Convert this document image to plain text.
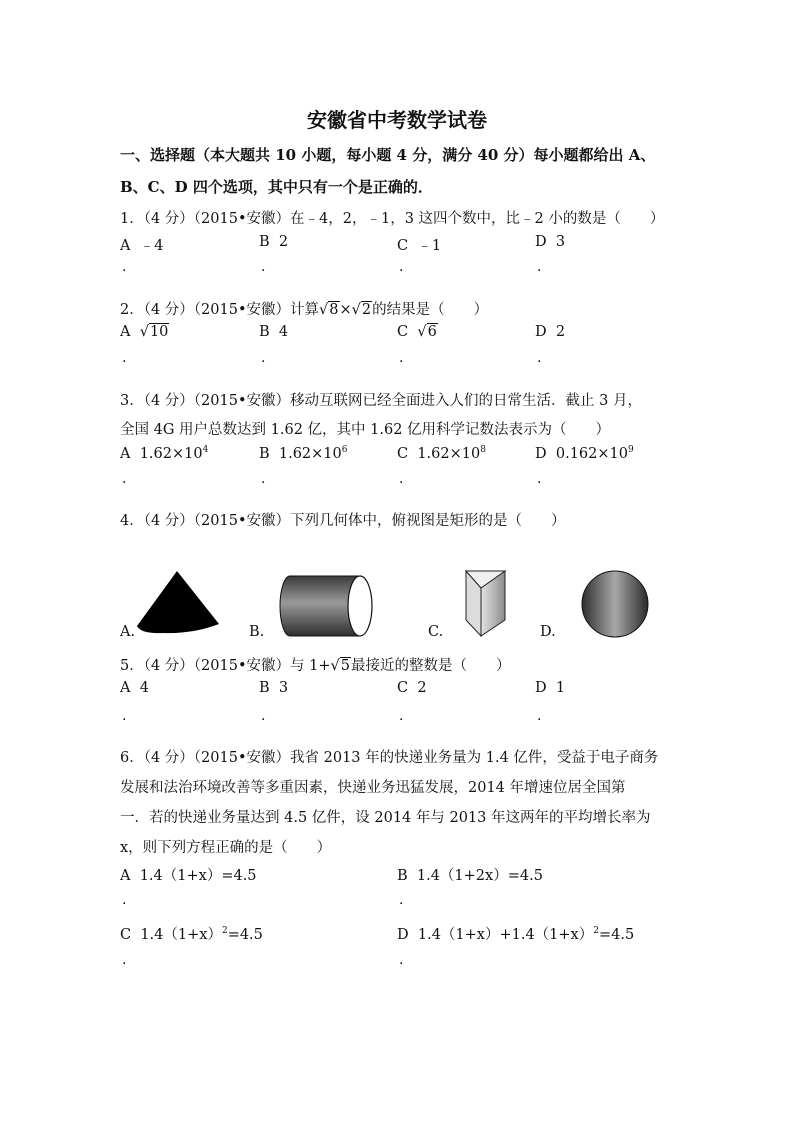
安徽省中考数学试卷
一、选择题（本大题共 10 小题，每小题 4 分，满分 40 分）每小题都给出 A、
B、C、D 四个选项，其中只有一个是正确的．
1．（4 分）（2015•安徽）在﹣4，2，﹣1，3 这四个数中，比﹣2 小的数是（　　）
A ﹣4	B 2	C ﹣1	D 3
.	.	.	.
2．（4 分）（2015•安徽）计算√8×√2的结果是（　　）
A √10	B 4	C √6	D 2
.	.	.	.
3．（4 分）（2015•安徽）移动互联网已经全面进入人们的日常生活．截止 3 月，
全国 4G 用户总数达到 1.62 亿，其中 1.62 亿用科学记数法表示为（　　）
A $1.62\times 10^4$	B $1.62\times 10^6$	C $1.62\times 10^8$	D $0.162\times 10^9$
.	.	.	.
4．（4 分）（2015•安徽）下列几何体中，俯视图是矩形的是（　　）
A.	B.	C.	D.
5．（4 分）（2015•安徽）与 1+√5最接近的整数是（　　）
A 4	B 3	C 2	D 1
.	.	.	.
6．（4 分）（2015•安徽）我省 2013 年的快递业务量为 1.4 亿件，受益于电子商务
发展和法治环境改善等多重因素，快递业务迅猛发展，2014 年增速位居全国第
一．若的快递业务量达到 4.5 亿件，设 2014 年与 2013 年这两年的平均增长率为
x，则下列方程正确的是（　　）
A 1.4（1+x）=4.5	B 1.4（1+2x）=4.5
.	.
C $1.4(1+x)^2=4.5$	D $1.4(1+x)+1.4(1+x)^2=4.5$
.	.
